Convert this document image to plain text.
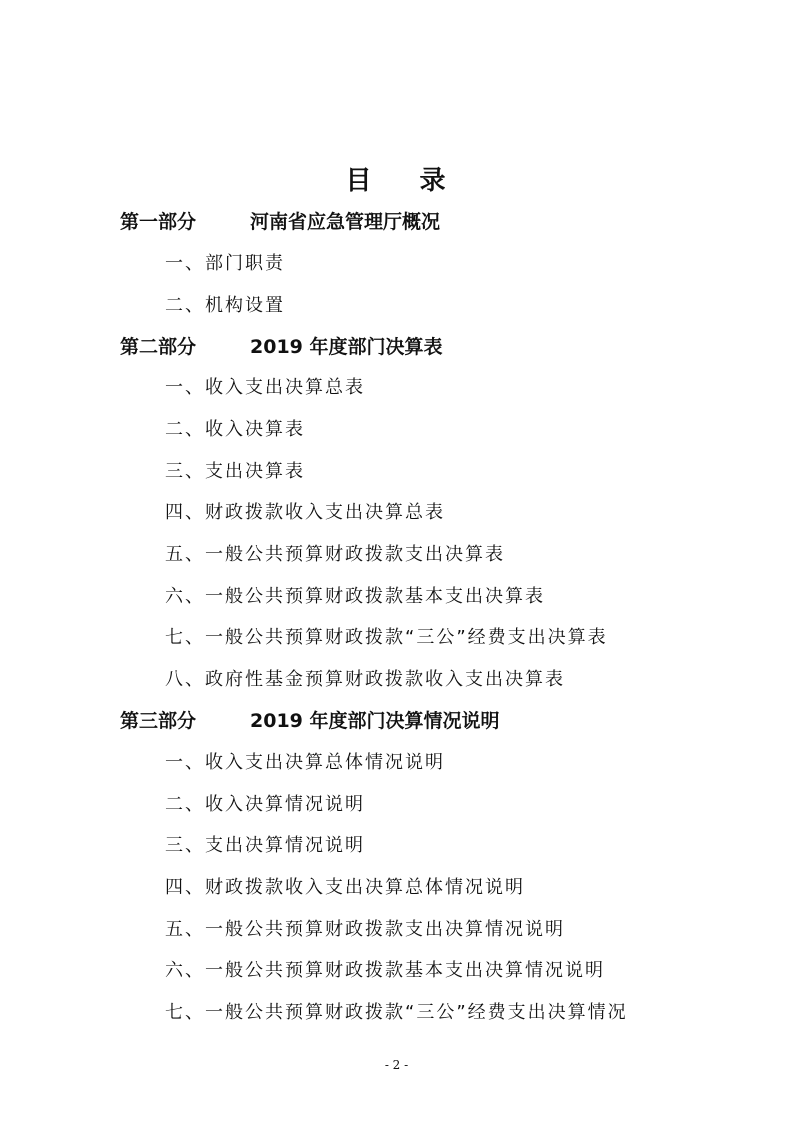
目 录
第一部分	河南省应急管理厅概况
一、部门职责
二、机构设置
第二部分	2019 年度部门决算表
一、收入支出决算总表
二、收入决算表
三、支出决算表
四、财政拨款收入支出决算总表
五、一般公共预算财政拨款支出决算表
六、一般公共预算财政拨款基本支出决算表
七、一般公共预算财政拨款“三公”经费支出决算表
八、政府性基金预算财政拨款收入支出决算表
第三部分	2019 年度部门决算情况说明
一、收入支出决算总体情况说明
二、收入决算情况说明
三、支出决算情况说明
四、财政拨款收入支出决算总体情况说明
五、一般公共预算财政拨款支出决算情况说明
六、一般公共预算财政拨款基本支出决算情况说明
七、一般公共预算财政拨款“三公”经费支出决算情况
- 2 -
